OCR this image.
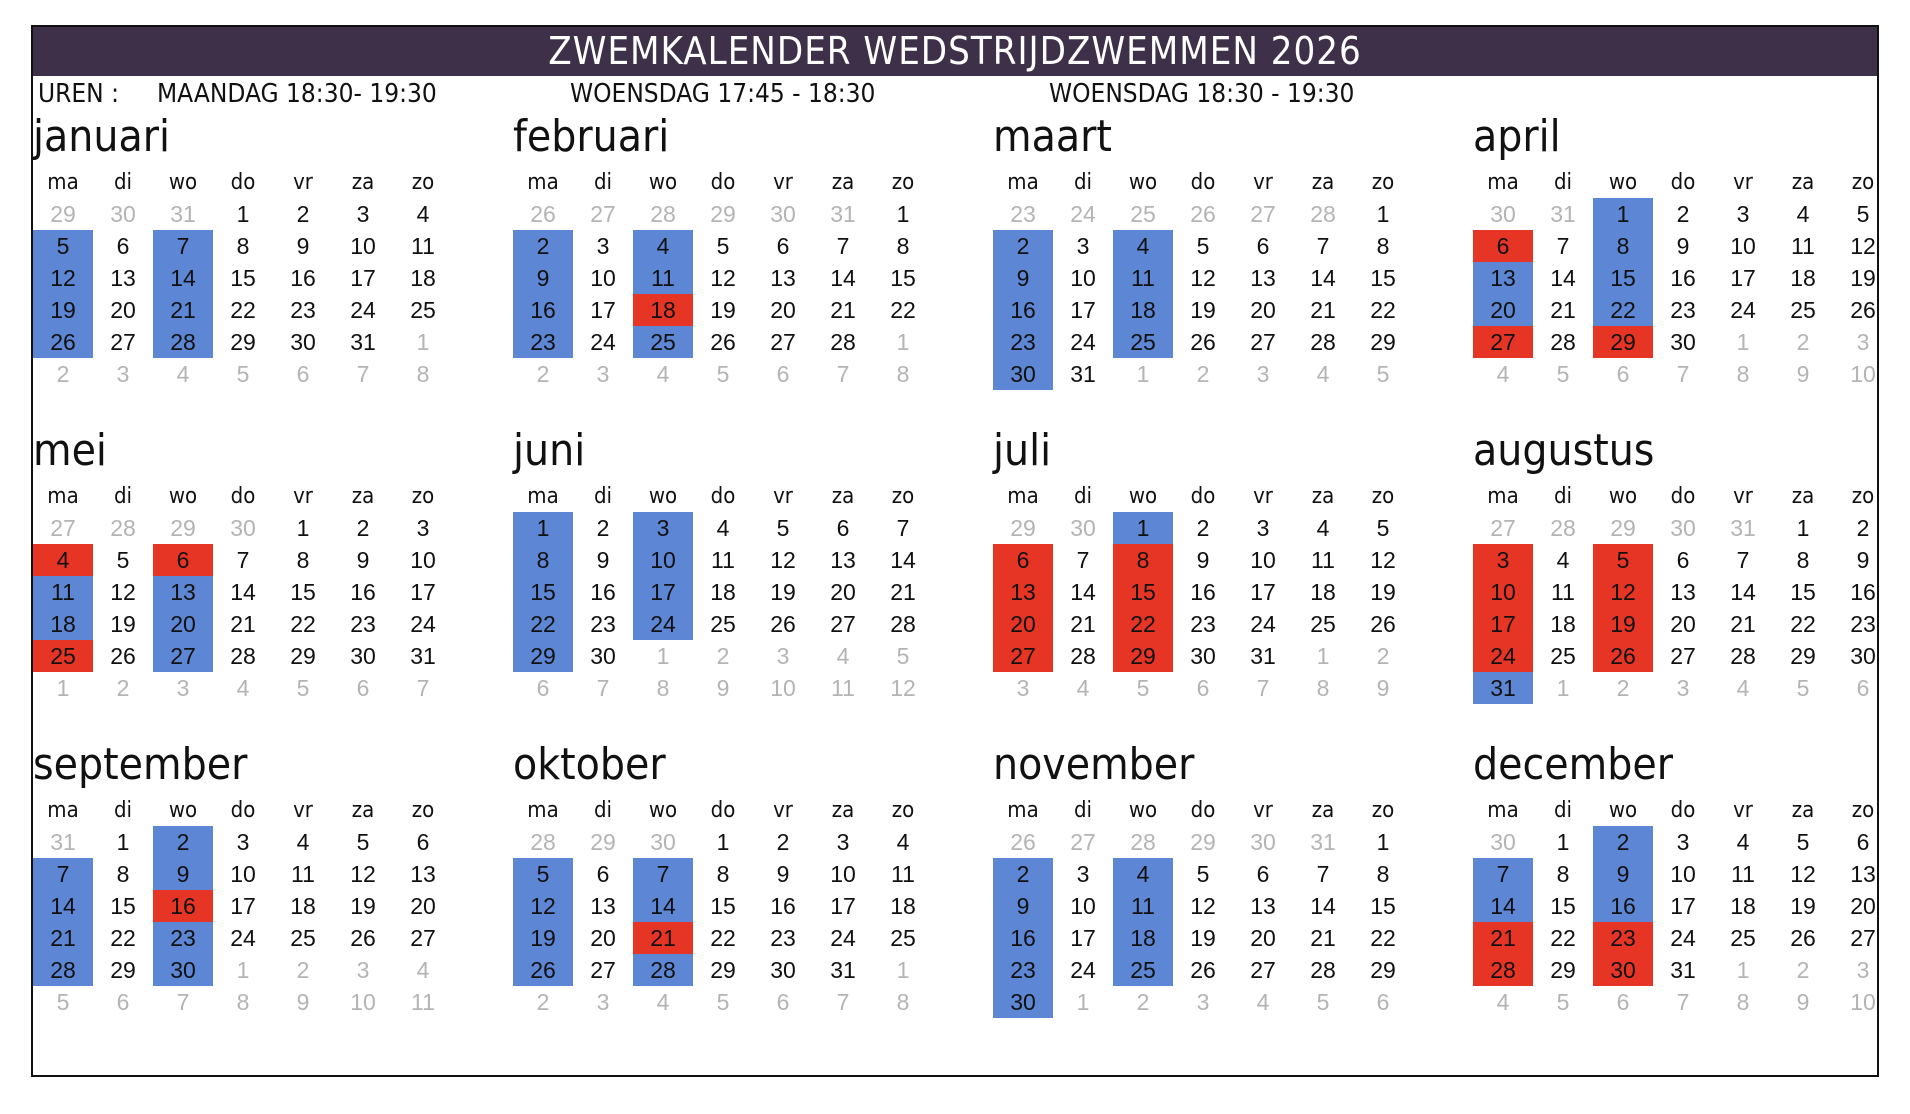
ZWEMKALENDER WEDSTRIJDZWEMMEN 2026
UREN : MAANDAG 18:30- 19:30	WOENSDAG 17:45 - 18:30	WOENSDAG 18:30 - 19:30
januari
ma	di	wo	do	vr	za	zo
29	30	31	1	2	3	4
5	6	7	8	9	10	11
12	13	14	15	16	17	18
19	20	21	22	23	24	25
26	27	28	29	30	31	1
2	3	4	5	6	7	8
februari
ma	di	wo	do	vr	za	zo
26	27	28	29	30	31	1
2	3	4	5	6	7	8
9	10	11	12	13	14	15
16	17	18	19	20	21	22
23	24	25	26	27	28	1
2	3	4	5	6	7	8
maart
ma	di	wo	do	vr	za	zo
23	24	25	26	27	28	1
2	3	4	5	6	7	8
9	10	11	12	13	14	15
16	17	18	19	20	21	22
23	24	25	26	27	28	29
30	31	1	2	3	4	5
april
ma	di	wo	do	vr	za	zo
30	31	1	2	3	4	5
6	7	8	9	10	11	12
13	14	15	16	17	18	19
20	21	22	23	24	25	26
27	28	29	30	1	2	3
4	5	6	7	8	9	10
mei
ma	di	wo	do	vr	za	zo
27	28	29	30	1	2	3
4	5	6	7	8	9	10
11	12	13	14	15	16	17
18	19	20	21	22	23	24
25	26	27	28	29	30	31
1	2	3	4	5	6	7
juni
ma	di	wo	do	vr	za	zo
1	2	3	4	5	6	7
8	9	10	11	12	13	14
15	16	17	18	19	20	21
22	23	24	25	26	27	28
29	30	1	2	3	4	5
6	7	8	9	10	11	12
juli
ma	di	wo	do	vr	za	zo
29	30	1	2	3	4	5
6	7	8	9	10	11	12
13	14	15	16	17	18	19
20	21	22	23	24	25	26
27	28	29	30	31	1	2
3	4	5	6	7	8	9
augustus
ma	di	wo	do	vr	za	zo
27	28	29	30	31	1	2
3	4	5	6	7	8	9
10	11	12	13	14	15	16
17	18	19	20	21	22	23
24	25	26	27	28	29	30
31	1	2	3	4	5	6
september
ma	di	wo	do	vr	za	zo
31	1	2	3	4	5	6
7	8	9	10	11	12	13
14	15	16	17	18	19	20
21	22	23	24	25	26	27
28	29	30	1	2	3	4
5	6	7	8	9	10	11
oktober
ma	di	wo	do	vr	za	zo
28	29	30	1	2	3	4
5	6	7	8	9	10	11
12	13	14	15	16	17	18
19	20	21	22	23	24	25
26	27	28	29	30	31	1
2	3	4	5	6	7	8
november
ma	di	wo	do	vr	za	zo
26	27	28	29	30	31	1
2	3	4	5	6	7	8
9	10	11	12	13	14	15
16	17	18	19	20	21	22
23	24	25	26	27	28	29
30	1	2	3	4	5	6
december
ma	di	wo	do	vr	za	zo
30	1	2	3	4	5	6
7	8	9	10	11	12	13
14	15	16	17	18	19	20
21	22	23	24	25	26	27
28	29	30	31	1	2	3
4	5	6	7	8	9	10
